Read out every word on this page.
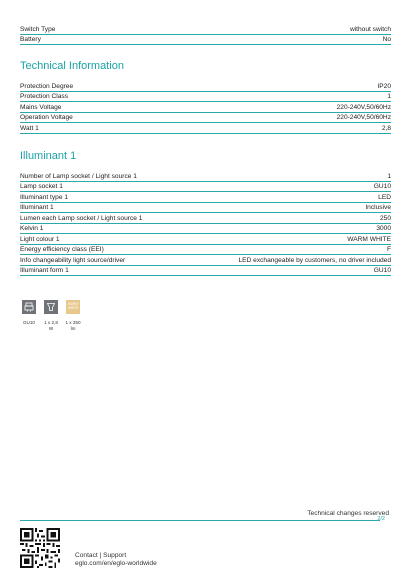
Switch Type	without switch
Battery	No
Technical Information
Protection Degree	IP20
Protection Class	1
Mains Voltage	220-240V,50/60Hz
Operation Voltage	220-240V,50/60Hz
Watt 1	2,8
Illuminant 1
Number of Lamp socket / Light source 1	1
Lamp socket 1	GU10
Illuminant type 1	LED
Illuminant 1	Inclusive
Lumen each Lamp socket / Light source 1	250
Kelvin 1	3000
Light colour 1	WARM WHITE
Energy efficiency class (EEI)	F
Info changeability light source/driver	LED exchangeable by customers, no driver included
Illuminant form 1	GU10
GU10	1 x 2,8 W
WARM
WHITE
1 x 250 lm
Technical changes reserved
2/2
Contact | Support
eglo.com/en/eglo-worldwide
